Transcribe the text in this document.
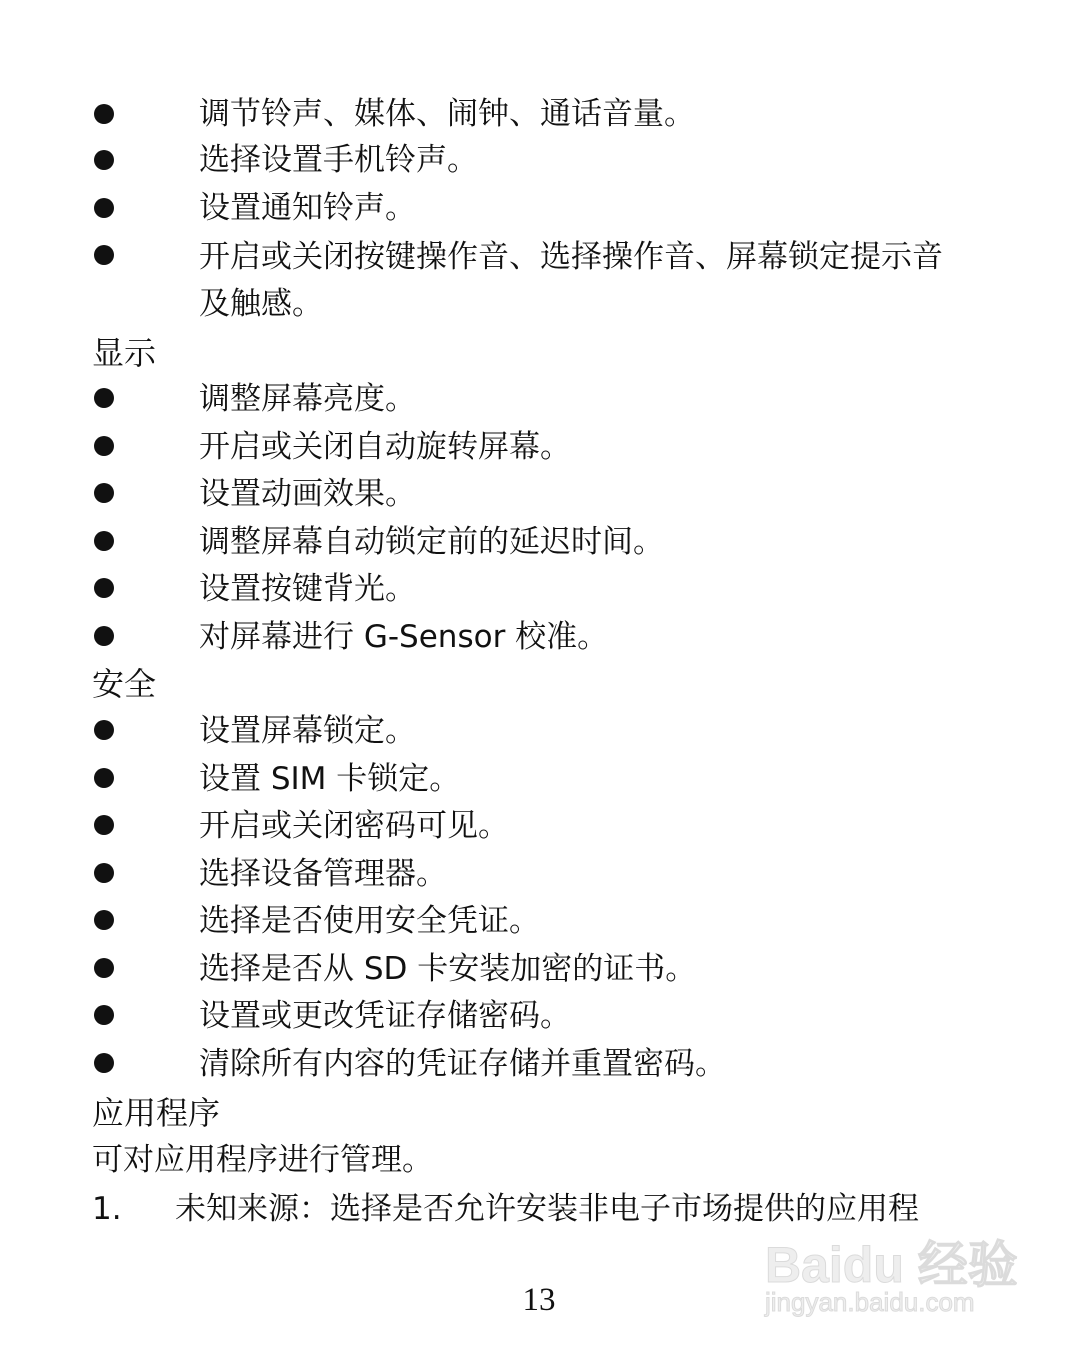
调节铃声、媒体、闹钟、通话音量。
选择设置手机铃声。
设置通知铃声。
开启或关闭按键操作音、选择操作音、屏幕锁定提示音
及触感。
显示
调整屏幕亮度。
开启或关闭自动旋转屏幕。
设置动画效果。
调整屏幕自动锁定前的延迟时间。
设置按键背光。
对屏幕进行 G-Sensor 校准。
安全
设置屏幕锁定。
设置 SIM 卡锁定。
开启或关闭密码可见。
选择设备管理器。
选择是否使用安全凭证。
选择是否从 SD 卡安装加密的证书。
设置或更改凭证存储密码。
清除所有内容的凭证存储并重置密码。
应用程序
可对应用程序进行管理。
1. 未知来源：选择是否允许安装非电子市场提供的应用程
Baidu 经验
jingyan.baidu.com
13
